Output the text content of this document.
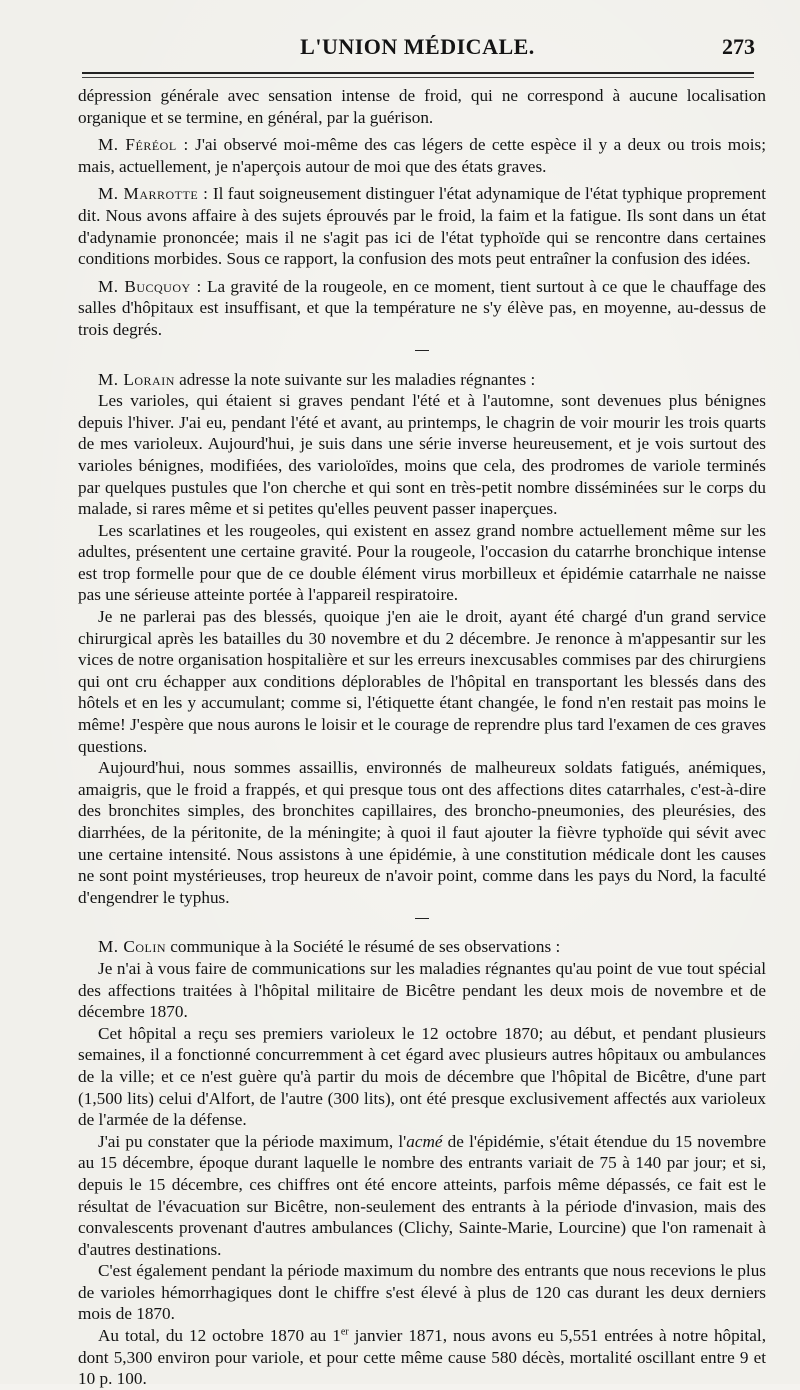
L'UNION MÉDICALE.	273

dépression générale avec sensation intense de froid, qui ne correspond à aucune localisation organique et se termine, en général, par la guérison.

M. Féréol : J'ai observé moi-même des cas légers de cette espèce il y a deux ou trois mois; mais, actuellement, je n'aperçois autour de moi que des états graves.

M. Marrotte : Il faut soigneusement distinguer l'état adynamique de l'état typhique proprement dit. Nous avons affaire à des sujets éprouvés par le froid, la faim et la fatigue. Ils sont dans un état d'adynamie prononcée; mais il ne s'agit pas ici de l'état typhoïde qui se rencontre dans certaines conditions morbides. Sous ce rapport, la confusion des mots peut entraîner la confusion des idées.

M. Bucquoy : La gravité de la rougeole, en ce moment, tient surtout à ce que le chauffage des salles d'hôpitaux est insuffisant, et que la température ne s'y élève pas, en moyenne, au-dessus de trois degrés.

M. Lorain adresse la note suivante sur les maladies régnantes :

Les varioles, qui étaient si graves pendant l'été et à l'automne, sont devenues plus bénignes depuis l'hiver. J'ai eu, pendant l'été et avant, au printemps, le chagrin de voir mourir les trois quarts de mes varioleux. Aujourd'hui, je suis dans une série inverse heureusement, et je vois surtout des varioles bénignes, modifiées, des varioloïdes, moins que cela, des prodromes de variole terminés par quelques pustules que l'on cherche et qui sont en très-petit nombre disséminées sur le corps du malade, si rares même et si petites qu'elles peuvent passer inaperçues.

Les scarlatines et les rougeoles, qui existent en assez grand nombre actuellement même sur les adultes, présentent une certaine gravité. Pour la rougeole, l'occasion du catarrhe bronchique intense est trop formelle pour que de ce double élément virus morbilleux et épidémie catarrhale ne naisse pas une sérieuse atteinte portée à l'appareil respiratoire.

Je ne parlerai pas des blessés, quoique j'en aie le droit, ayant été chargé d'un grand service chirurgical après les batailles du 30 novembre et du 2 décembre. Je renonce à m'appesantir sur les vices de notre organisation hospitalière et sur les erreurs inexcusables commises par des chirurgiens qui ont cru échapper aux conditions déplorables de l'hôpital en transportant les blessés dans des hôtels et en les y accumulant; comme si, l'étiquette étant changée, le fond n'en restait pas moins le même! J'espère que nous aurons le loisir et le courage de reprendre plus tard l'examen de ces graves questions.

Aujourd'hui, nous sommes assaillis, environnés de malheureux soldats fatigués, anémiques, amaigris, que le froid a frappés, et qui presque tous ont des affections dites catarrhales, c'est-à-dire des bronchites simples, des bronchites capillaires, des broncho-pneumonies, des pleurésies, des diarrhées, de la péritonite, de la méningite; à quoi il faut ajouter la fièvre typhoïde qui sévit avec une certaine intensité. Nous assistons à une épidémie, à une constitution médicale dont les causes ne sont point mystérieuses, trop heureux de n'avoir point, comme dans les pays du Nord, la faculté d'engendrer le typhus.

M. Colin communique à la Société le résumé de ses observations :

Je n'ai à vous faire de communications sur les maladies régnantes qu'au point de vue tout spécial des affections traitées à l'hôpital militaire de Bicêtre pendant les deux mois de novembre et de décembre 1870.

Cet hôpital a reçu ses premiers varioleux le 12 octobre 1870; au début, et pendant plusieurs semaines, il a fonctionné concurremment à cet égard avec plusieurs autres hôpitaux ou ambulances de la ville; et ce n'est guère qu'à partir du mois de décembre que l'hôpital de Bicêtre, d'une part (1,500 lits) celui d'Alfort, de l'autre (300 lits), ont été presque exclusivement affectés aux varioleux de l'armée de la défense.

J'ai pu constater que la période maximum, l'acmé de l'épidémie, s'était étendue du 15 novembre au 15 décembre, époque durant laquelle le nombre des entrants variait de 75 à 140 par jour; et si, depuis le 15 décembre, ces chiffres ont été encore atteints, parfois même dépassés, ce fait est le résultat de l'évacuation sur Bicêtre, non-seulement des entrants à la période d'invasion, mais des convalescents provenant d'autres ambulances (Clichy, Sainte-Marie, Lourcine) que l'on ramenait à d'autres destinations.

C'est également pendant la période maximum du nombre des entrants que nous recevions le plus de varioles hémorrhagiques dont le chiffre s'est élevé à plus de 120 cas durant les deux derniers mois de 1870.

Au total, du 12 octobre 1870 au 1er janvier 1871, nous avons eu 5,551 entrées à notre hôpital, dont 5,300 environ pour variole, et pour cette même cause 580 décès, mortalité oscillant entre 9 et 10 p. 100.
